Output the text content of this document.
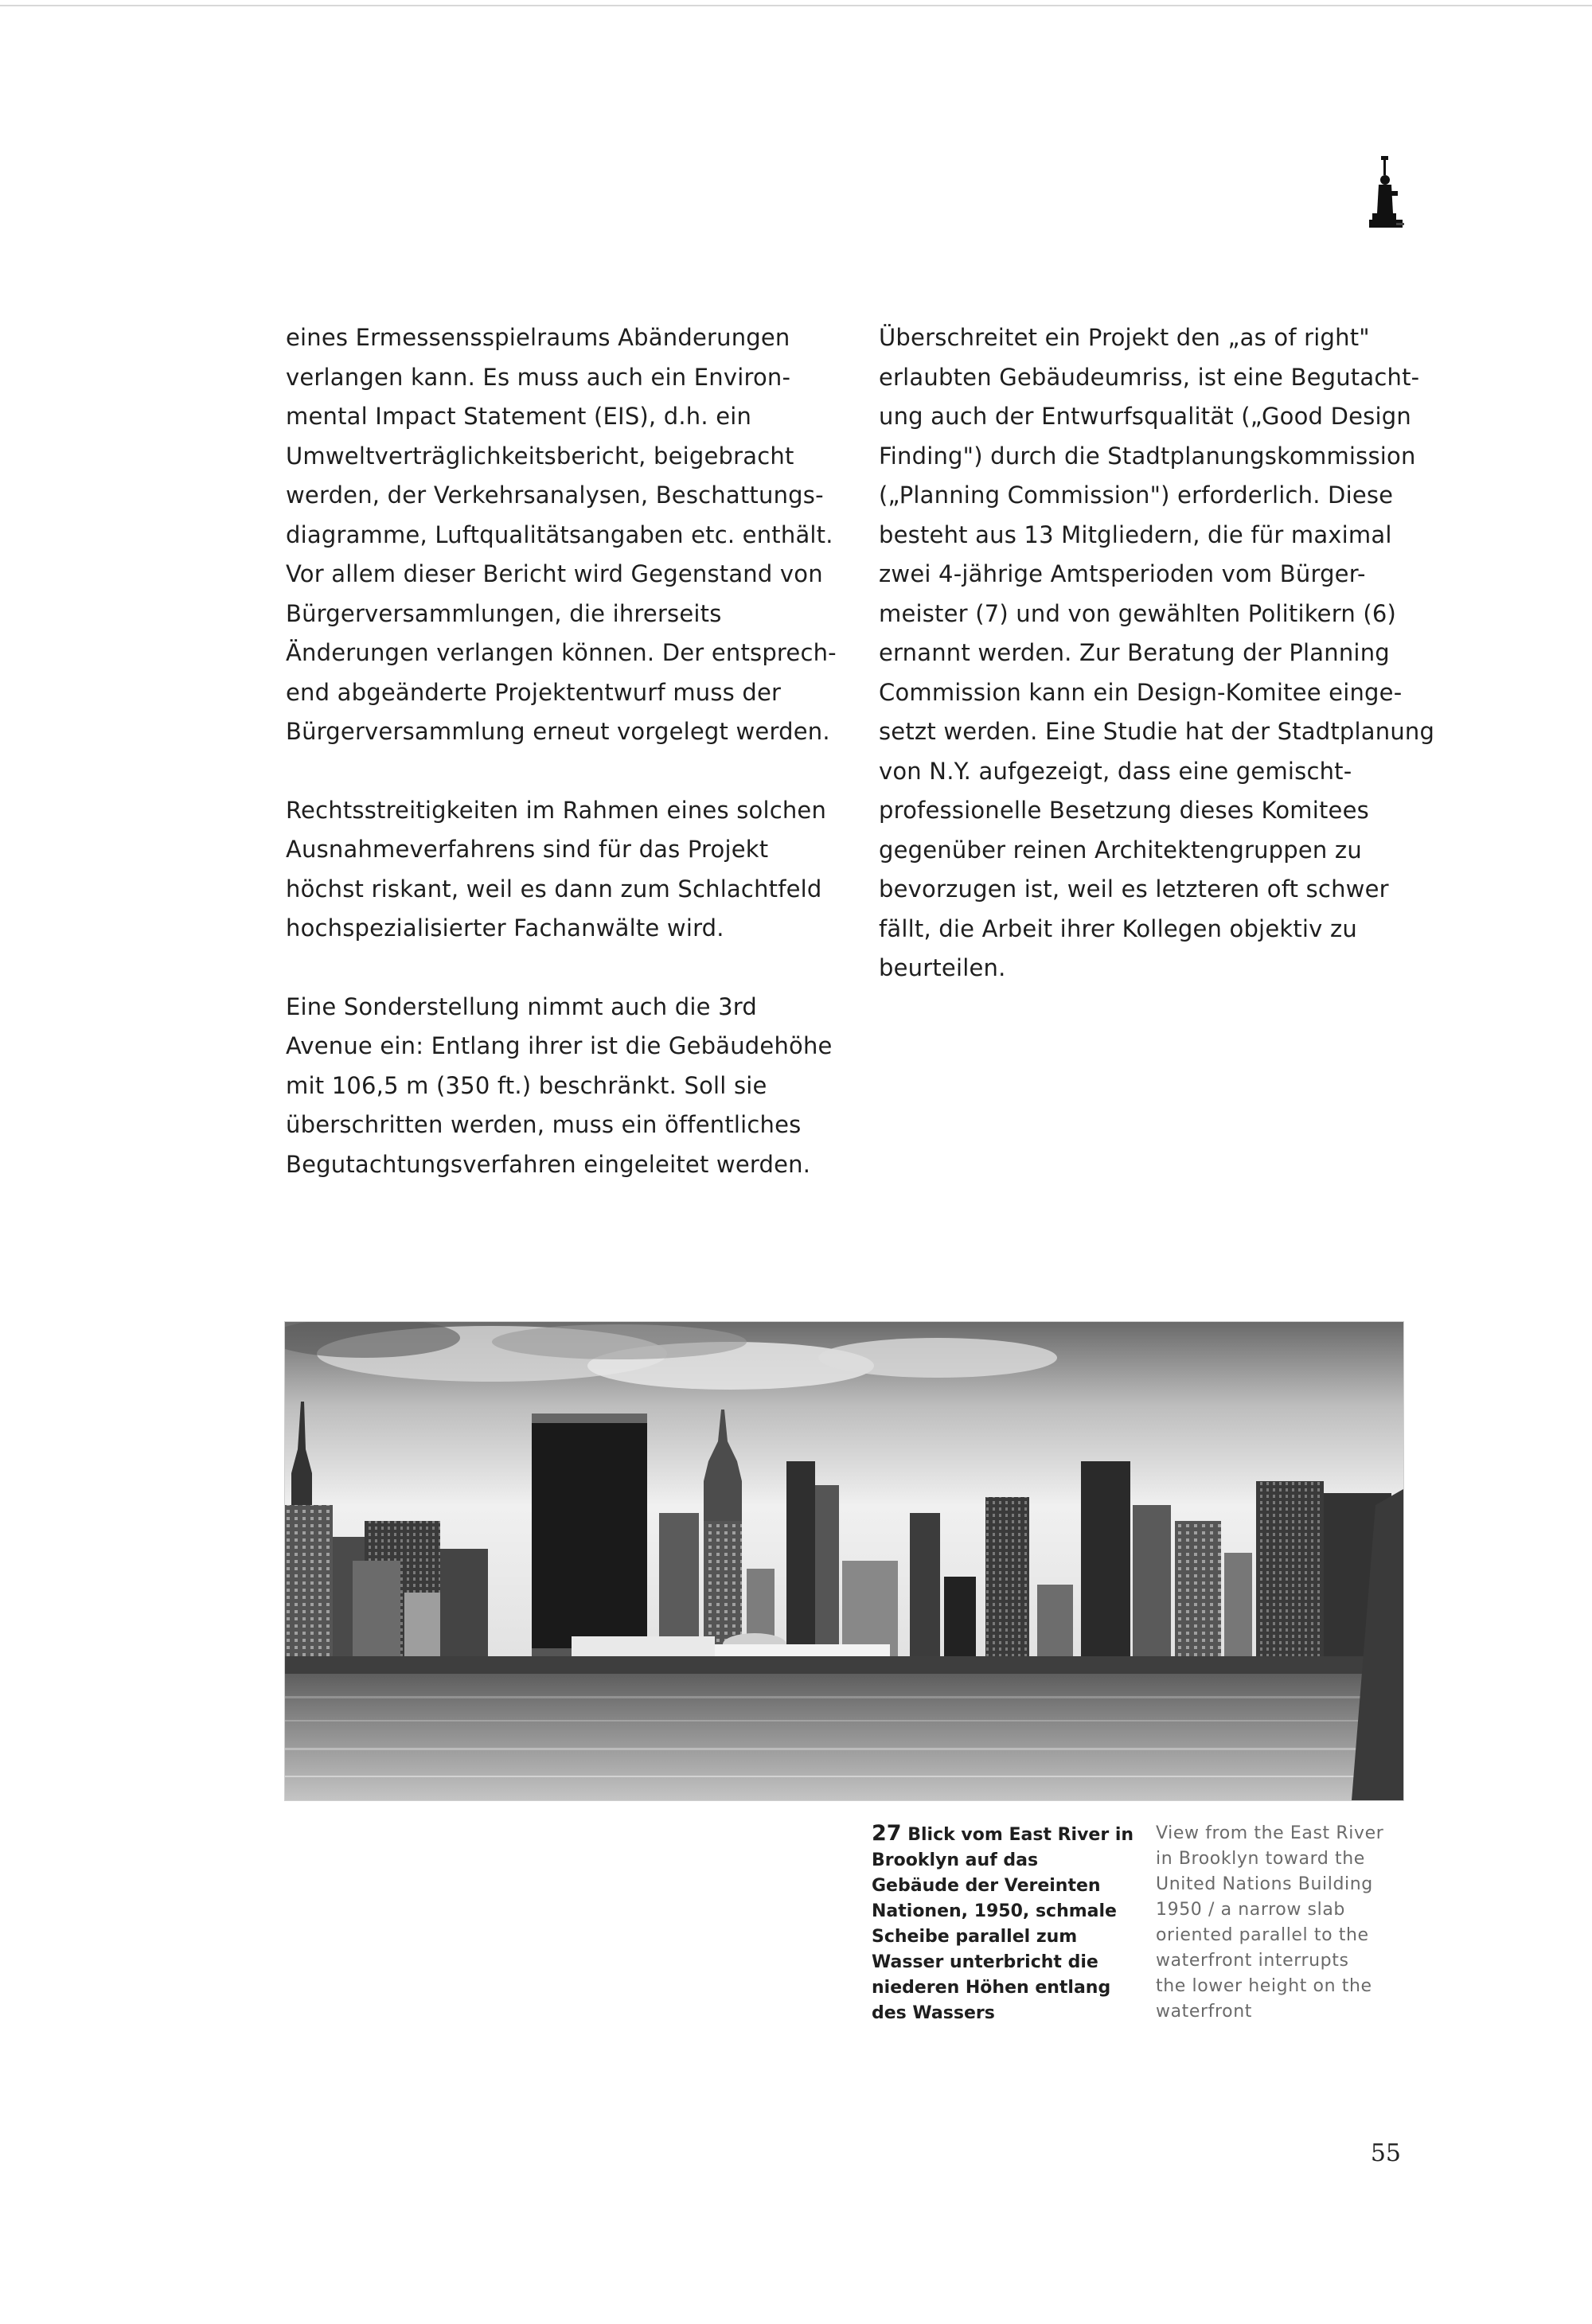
eines Ermessensspielraums Abänderungen
verlangen kann. Es muss auch ein Environ-
mental Impact Statement (EIS), d.h. ein
Umweltverträglichkeitsbericht, beigebracht
werden, der Verkehrsanalysen, Beschattungs-
diagramme, Luftqualitätsangaben etc. enthält.
Vor allem dieser Bericht wird Gegenstand von
Bürgerversammlungen, die ihrerseits
Änderungen verlangen können. Der entsprech-
end abgeänderte Projektentwurf muss der
Bürgerversammlung erneut vorgelegt werden.

Rechtsstreitigkeiten im Rahmen eines solchen
Ausnahmeverfahrens sind für das Projekt
höchst riskant, weil es dann zum Schlachtfeld
hochspezialisierter Fachanwälte wird.

Eine Sonderstellung nimmt auch die 3rd
Avenue ein: Entlang ihrer ist die Gebäudehöhe
mit 106,5 m (350 ft.) beschränkt. Soll sie
überschritten werden, muss ein öffentliches
Begutachtungsverfahren eingeleitet werden.

Überschreitet ein Projekt den „as of right"
erlaubten Gebäudeumriss, ist eine Begutacht-
ung auch der Entwurfsqualität („Good Design
Finding") durch die Stadtplanungskommission
(„Planning Commission") erforderlich. Diese
besteht aus 13 Mitgliedern, die für maximal
zwei 4-jährige Amtsperioden vom Bürger-
meister (7) und von gewählten Politikern (6)
ernannt werden. Zur Beratung der Planning
Commission kann ein Design-Komitee einge-
setzt werden. Eine Studie hat der Stadtplanung
von N.Y. aufgezeigt, dass eine gemischt-
professionelle Besetzung dieses Komitees
gegenüber reinen Architektengruppen zu
bevorzugen ist, weil es letzteren oft schwer
fällt, die Arbeit ihrer Kollegen objektiv zu
beurteilen.

27 Blick vom East River in
Brooklyn auf das
Gebäude der Vereinten
Nationen, 1950, schmale
Scheibe parallel zum
Wasser unterbricht die
niederen Höhen entlang
des Wassers
View from the East River
in Brooklyn toward the
United Nations Building
1950 / a narrow slab
oriented parallel to the
waterfront interrupts
the lower height on the
waterfront
55
